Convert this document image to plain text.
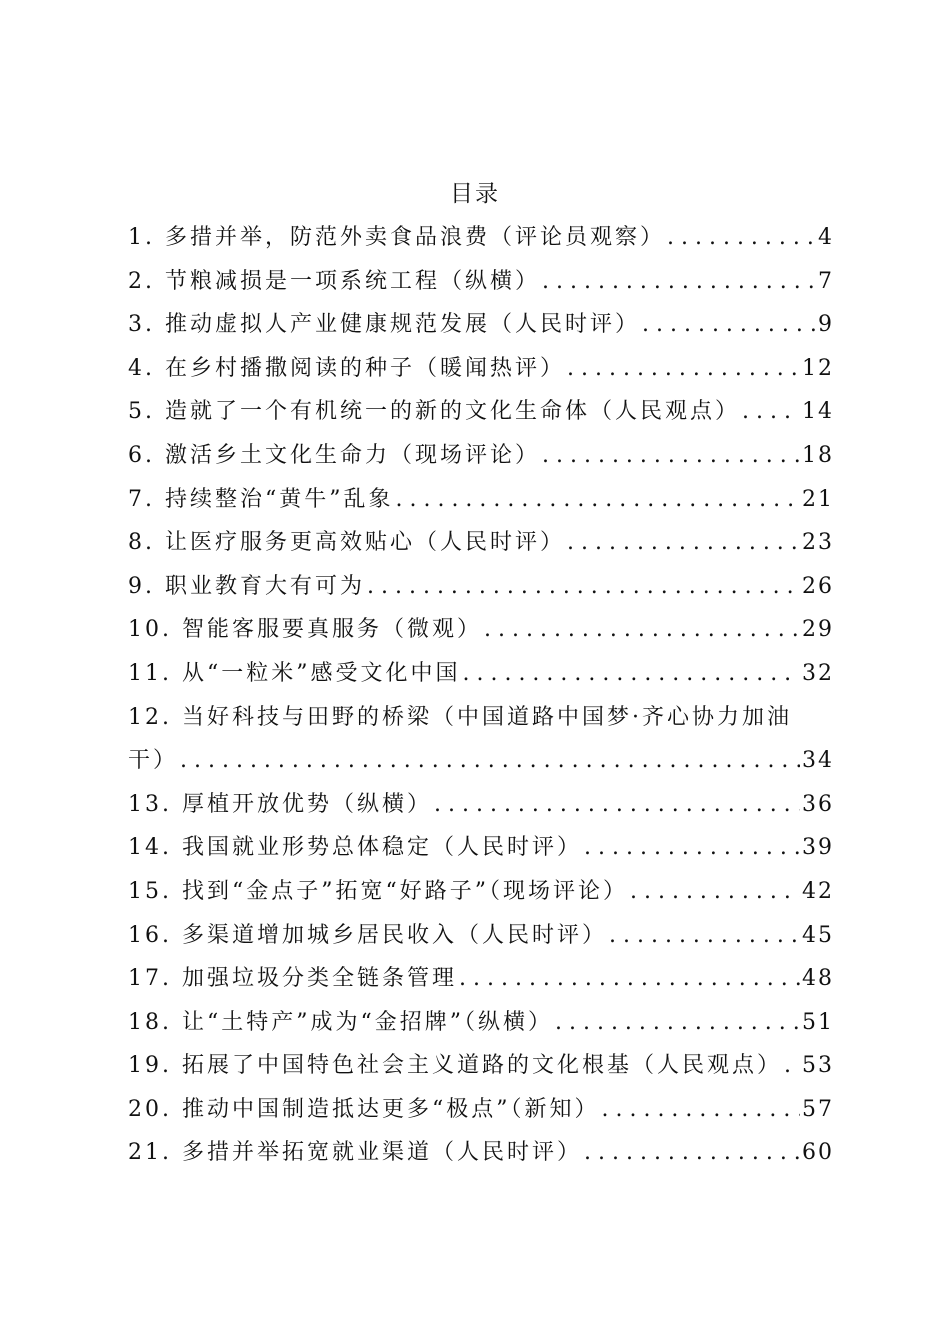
目录
1. 多措并举，防范外卖食品浪费（评论员观察） . . .	4
2. 节粮减损是一项系统工程（纵横） . . .	7
3. 推动虚拟人产业健康规范发展（人民时评） . . .	9
4. 在乡村播撒阅读的种子（暖闻热评） . . .	12
5. 造就了一个有机统一的新的文化生命体（人民观点） . . .	14
6. 激活乡土文化生命力（现场评论） . . .	18
7. 持续整治“黄牛”乱象 . . .	21
8. 让医疗服务更高效贴心（人民时评） . . .	23
9. 职业教育大有可为 . . .	26
10. 智能客服要真服务（微观） . . .	29
11. 从“一粒米”感受文化中国 . . .	32
12. 当好科技与田野的桥梁（中国道路中国梦·齐心协力加油
干） . . .	34
13. 厚植开放优势（纵横） . . .	36
14. 我国就业形势总体稳定（人民时评） . . .	39
15. 找到“金点子”拓宽“好路子”（现场评论） . . .	42
16. 多渠道增加城乡居民收入（人民时评） . . .	45
17. 加强垃圾分类全链条管理 . . .	48
18. 让“土特产”成为“金招牌”（纵横） . . .	51
19. 拓展了中国特色社会主义道路的文化根基（人民观点） . . . 53
20. 推动中国制造抵达更多“极点”（新知） . . .	57
21. 多措并举拓宽就业渠道（人民时评） . . .	60
